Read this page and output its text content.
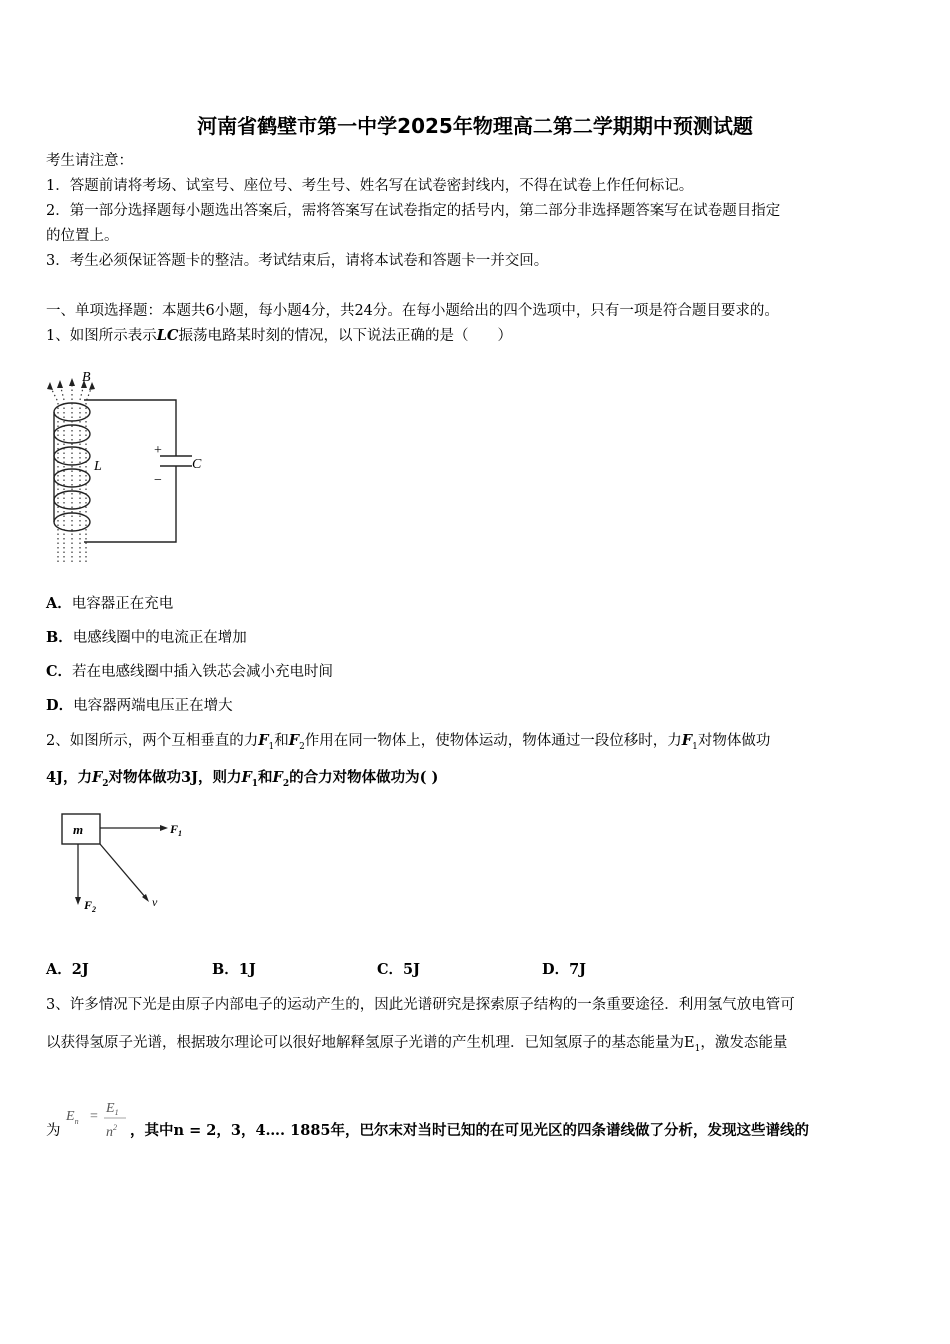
河南省鹤壁市第一中学2025年物理高二第二学期期中预测试题
考生请注意：
1．答题前请将考场、试室号、座位号、考生号、姓名写在试卷密封线内，不得在试卷上作任何标记。
2．第一部分选择题每小题选出答案后，需将答案写在试卷指定的括号内，第二部分非选择题答案写在试卷题目指定
的位置上。
3．考生必须保证答题卡的整洁。考试结束后，请将本试卷和答题卡一并交回。
一、单项选择题：本题共6小题，每小题4分，共24分。在每小题给出的四个选项中，只有一项是符合题目要求的。
1、如图所示表示LC振荡电路某时刻的情况，以下说法正确的是（　　）
B
L	C
+
−
A．电容器正在充电
B．电感线圈中的电流正在增加
C．若在电感线圈中插入铁芯会减小充电时间
D．电容器两端电压正在增大
2、如图所示，两个互相垂直的力$F_1$和$F_2$作用在同一物体上，使物体运动，物体通过一段位移时，力$F_1$对物体做功
4J，力$F_2$对物体做功3J，则力$F_1$和$F_2$的合力对物体做功为( )
m	$F_1$
$F_2$
v
A．2J	B．1J	C．5J	D．7J
3、许多情况下光是由原子内部电子的运动产生的，因此光谱研究是探索原子结构的一条重要途径．利用氢气放电管可
以获得氢原子光谱，根据玻尔理论可以很好地解释氢原子光谱的产生机理．已知氢原子的基态能量为$E_1$，激发态能量
为
$E_n$ =
$E_1$
$n^2$ ，其中n = 2，3，4…. 1885年，巴尔末对当时已知的在可见光区的四条谱线做了分析，发现这些谱线的
